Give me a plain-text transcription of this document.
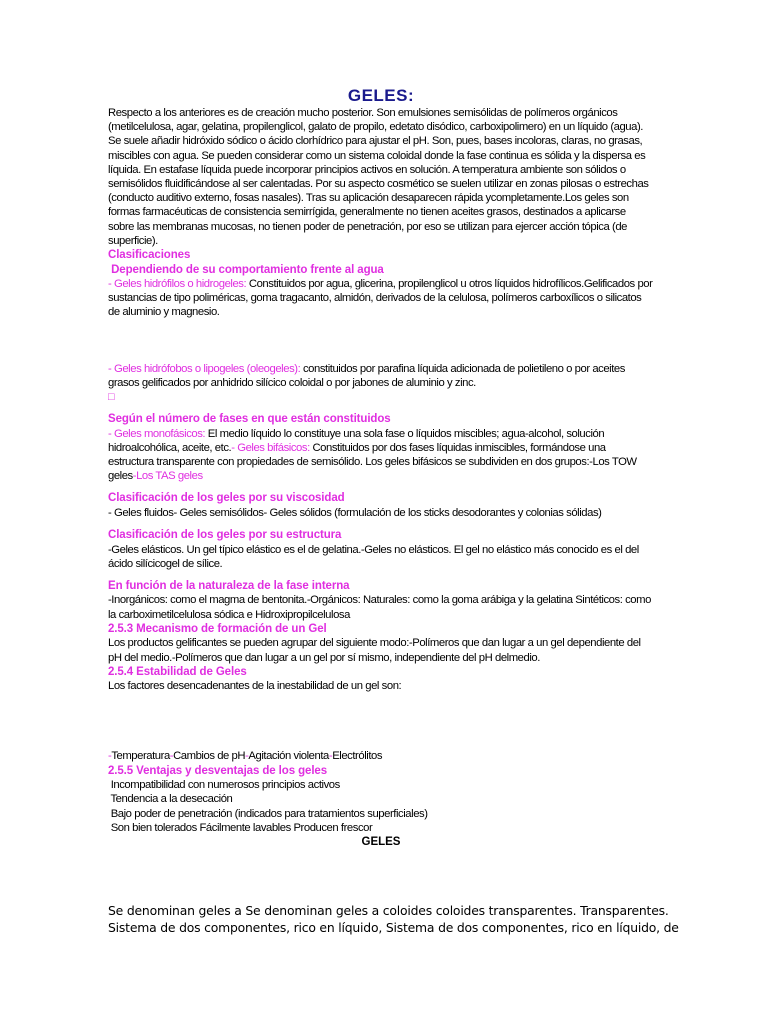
GELES:

Respecto a los anteriores es de creación mucho posterior. Son emulsiones semisólidas de polímeros orgánicos (metilcelulosa, agar, gelatina, propilenglicol, galato de propilo, edetato disódico, carboxipolimero) en un líquido (agua). Se suele añadir hidróxido sódico o ácido clorhídrico para ajustar el pH. Son, pues, bases incoloras, claras, no grasas, miscibles con agua. Se pueden considerar como un sistema coloidal donde la fase continua es sólida y la dispersa es líquida. En estafase líquida puede incorporar principios activos en solución. A temperatura ambiente son sólidos o semisólidos fluidificándose al ser calentadas. Por su aspecto cosmético se suelen utilizar en zonas pilosas o estrechas (conducto auditivo externo, fosas nasales). Tras su aplicación desaparecen rápida ycompletamente.Los geles son formas farmacéuticas de consistencia semirrígida, generalmente no tienen aceites grasos, destinados a aplicarse sobre las membranas mucosas, no tienen poder de penetración, por eso se utilizan para ejercer acción tópica (de superficie).

Clasificaciones

Dependiendo de su comportamiento frente al agua

- Geles hidrófilos o hidrogeles: Constituidos por agua, glicerina, propilenglicol u otros líquidos hidrofílicos.Gelificados por sustancias de tipo poliméricas, goma tragacanto, almidón, derivados de la celulosa, polímeros carboxílicos o silicatos de aluminio y magnesio.

- Geles hidrófobos o lipogeles (oleogeles): constituidos por parafina líquida adicionada de polietileno o por aceites grasos gelificados por anhidrido silícico coloidal o por jabones de aluminio y zinc.

□

Según el número de fases en que están constituidos

- Geles monofásicos: El medio líquido lo constituye una sola fase o líquidos miscibles; agua-alcohol, solución hidroalcohólica, aceite, etc.- Geles bifásicos: Constituidos por dos fases líquidas inmiscibles, formándose una estructura transparente con propiedades de semisólido. Los geles bifásicos se subdividen en dos grupos:-Los TOW geles-Los TAS geles

Clasificación de los geles por su viscosidad

- Geles fluidos- Geles semisólidos- Geles sólidos (formulación de los sticks desodorantes y colonias sólidas)

Clasificación de los geles por su estructura

-Geles elásticos. Un gel típico elástico es el de gelatina.-Geles no elásticos. El gel no elástico más conocido es el del ácido silícicogel de sílice.

En función de la naturaleza de la fase interna

-Inorgánicos: como el magma de bentonita.-Orgánicos: Naturales: como la goma arábiga y la gelatina Sintéticos: como la carboximetilcelulosa sódica e Hidroxipropilcelulosa

2.5.3 Mecanismo de formación de un Gel

Los productos gelificantes se pueden agrupar del siguiente modo:-Polímeros que dan lugar a un gel dependiente del pH del medio.-Polímeros que dan lugar a un gel por sí mismo, independiente del pH delmedio.

2.5.4 Estabilidad de Geles

Los factores desencadenantes de la inestabilidad de un gel son:

-Temperatura-Cambios de pH-Agitación violenta-Electrólitos

2.5.5 Ventajas y desventajas de los geles

Incompatibilidad con numerosos principios activos

Tendencia a la desecación

Bajo poder de penetración (indicados para tratamientos superficiales)

Son bien tolerados Fácilmente lavables Producen frescor

GELES

Se denominan geles a Se denominan geles a coloides coloides transparentes. Transparentes.

Sistema de dos componentes, rico en líquido, Sistema de dos componentes, rico en líquido, de
